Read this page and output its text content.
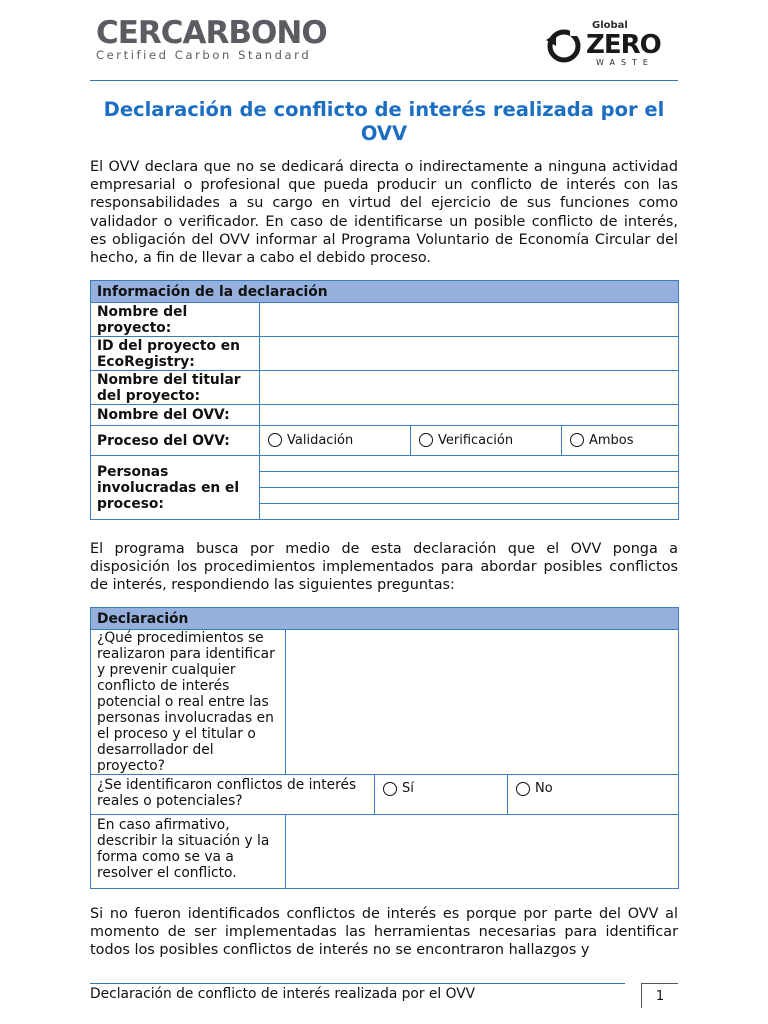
CERCARBONO
Certified Carbon Standard
Global
ZERO
WASTE
Declaración de conflicto de interés realizada por el OVV

El OVV declara que no se dedicará directa o indirectamente a ninguna actividad empresarial o profesional que pueda producir un conflicto de interés con las responsabilidades a su cargo en virtud del ejercicio de sus funciones como validador o verificador. En caso de identificarse un posible conflicto de interés, es obligación del OVV informar al Programa Voluntario de Economía Circular del hecho, a fin de llevar a cabo el debido proceso.

Información de la declaración			
Nombre del proyecto:			
ID del proyecto en EcoRegistry:			
Nombre del titular del proyecto:			
Nombre del OVV:			
Proceso del OVV:	Validación	Verificación	Ambos
Personas involucradas en el proceso:			

El programa busca por medio de esta declaración que el OVV ponga a disposición los procedimientos implementados para abordar posibles conflictos de interés, respondiendo las siguientes preguntas:

Declaración			
¿Qué procedimientos se realizaron para identificar y prevenir cualquier conflicto de interés potencial o real entre las personas involucradas en el proceso y el titular o desarrollador del proyecto?			
¿Se identificaron conflictos de interés reales o potenciales?		Sí	No
En caso afirmativo, describir la situación y la forma como se va a resolver el conflicto.			

Si no fueron identificados conflictos de interés es porque por parte del OVV al momento de ser implementadas las herramientas necesarias para identificar todos los posibles conflictos de interés no se encontraron hallazgos y

Declaración de conflicto de interés realizada por el OVV	1
